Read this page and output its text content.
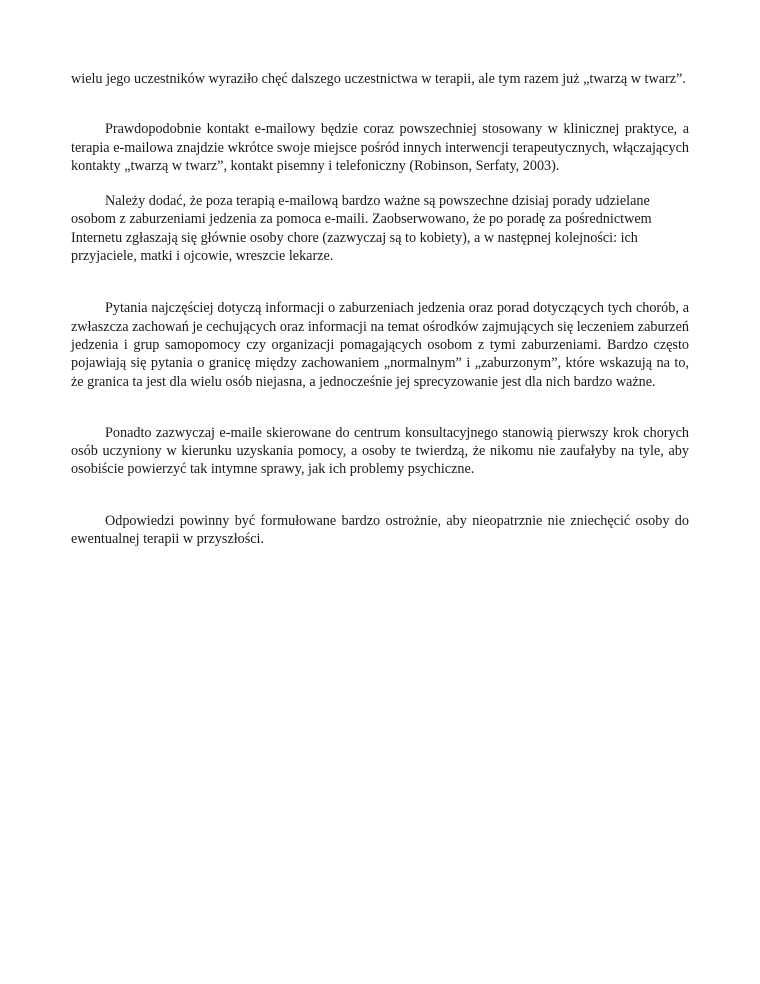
wielu jego uczestników wyraziło chęć dalszego uczestnictwa w terapii, ale tym razem już „twarzą w twarz”.

Prawdopodobnie kontakt e-mailowy będzie coraz powszechniej stosowany w klinicznej praktyce, a terapia e-mailowa znajdzie wkrótce swoje miejsce pośród innych interwencji terapeutycznych, włączających kontakty „twarzą w twarz”, kontakt pisemny i telefoniczny (Robinson, Serfaty, 2003).

Należy dodać, że poza terapią e-mailową bardzo ważne są powszechne dzisiaj porady udzielane osobom z zaburzeniami jedzenia za pomoca e-maili. Zaobserwowano, że po poradę za pośrednictwem Internetu zgłaszają się głównie osoby chore (zazwyczaj są to kobiety), a w następnej kolejności: ich przyjaciele, matki i ojcowie, wreszcie lekarze.

Pytania najczęściej dotyczą informacji o zaburzeniach jedzenia oraz porad dotyczących tych chorób, a zwłaszcza zachowań je cechujących oraz informacji na temat ośrodków zajmujących się leczeniem zaburzeń jedzenia i grup samopomocy czy organizacji pomagających osobom z tymi zaburzeniami. Bardzo często pojawiają się pytania o granicę między zachowaniem „normalnym” i „zaburzonym”, które wskazują na to, że granica ta jest dla wielu osób niejasna, a jednocześnie jej sprecyzowanie jest dla nich bardzo ważne.

Ponadto zazwyczaj e-maile skierowane do centrum konsultacyjnego stanowią pierwszy krok chorych osób uczyniony w kierunku uzyskania pomocy, a osoby te twierdzą, że nikomu nie zaufałyby na tyle, aby osobiście powierzyć tak intymne sprawy, jak ich problemy psychiczne.

Odpowiedzi powinny być formułowane bardzo ostrożnie, aby nieopatrznie nie zniechęcić osoby do ewentualnej terapii w przyszłości.
